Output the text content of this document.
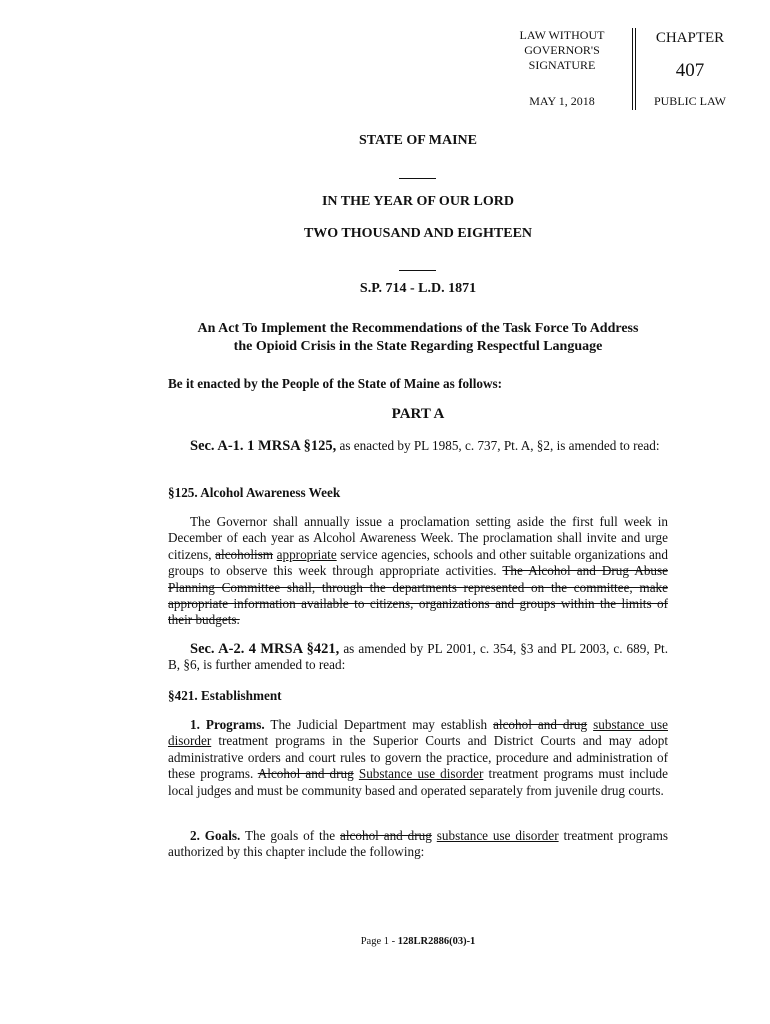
LAW WITHOUT
GOVERNOR'S
SIGNATURE
MAY 1, 2018
CHAPTER
407
PUBLIC LAW
STATE OF MAINE
IN THE YEAR OF OUR LORD
TWO THOUSAND AND EIGHTEEN
S.P. 714 - L.D. 1871
An Act To Implement the Recommendations of the Task Force To Address
the Opioid Crisis in the State Regarding Respectful Language
Be it enacted by the People of the State of Maine as follows:
PART A
Sec. A-1. 1 MRSA §125, as enacted by PL 1985, c. 737, Pt. A, §2, is amended to read:
§125. Alcohol Awareness Week
The Governor shall annually issue a proclamation setting aside the first full week in December of each year as Alcohol Awareness Week. The proclamation shall invite and urge citizens, alcoholism appropriate service agencies, schools and other suitable organizations and groups to observe this week through appropriate activities. The Alcohol and Drug Abuse Planning Committee shall, through the departments represented on the committee, make appropriate information available to citizens, organizations and groups within the limits of their budgets.
Sec. A-2. 4 MRSA §421, as amended by PL 2001, c. 354, §3 and PL 2003, c. 689, Pt. B, §6, is further amended to read:
§421. Establishment
1. Programs. The Judicial Department may establish alcohol and drug substance use disorder treatment programs in the Superior Courts and District Courts and may adopt administrative orders and court rules to govern the practice, procedure and administration of these programs. Alcohol and drug Substance use disorder treatment programs must include local judges and must be community based and operated separately from juvenile drug courts.
2. Goals. The goals of the alcohol and drug substance use disorder treatment programs authorized by this chapter include the following:
Page 1 - 128LR2886(03)-1
